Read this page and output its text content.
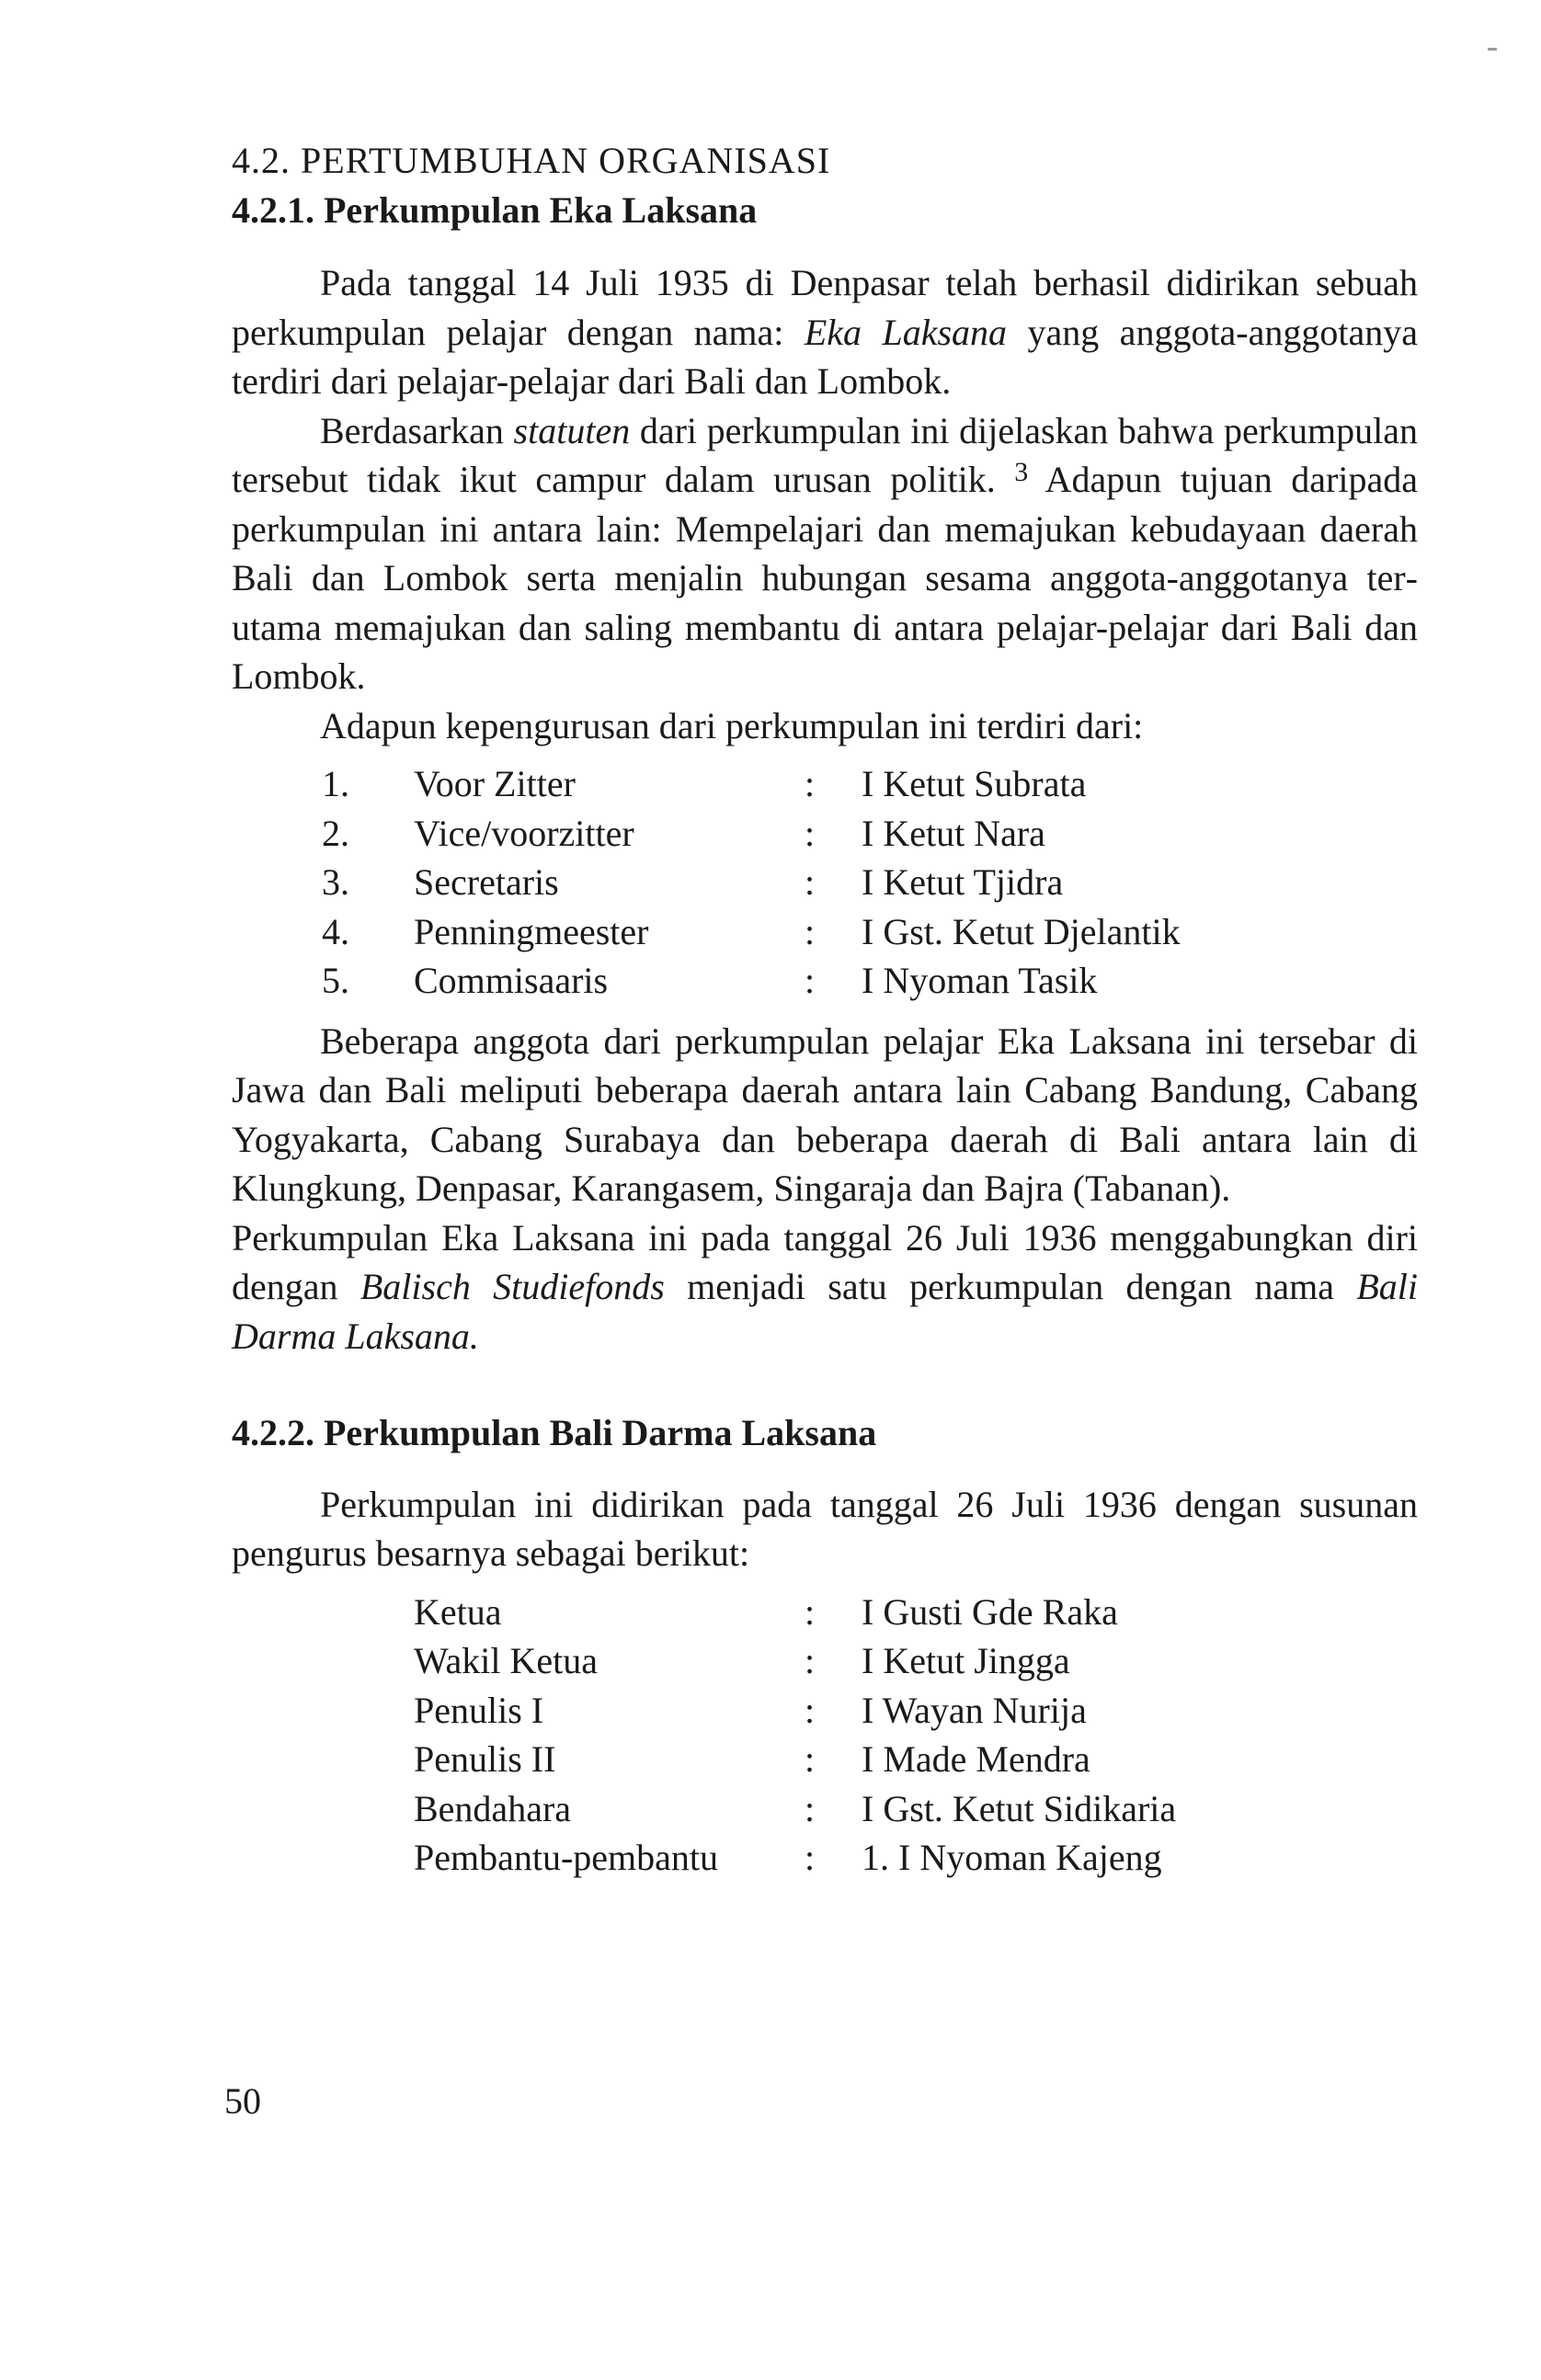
4.2. PERTUMBUHAN ORGANISASI
4.2.1. Perkumpulan Eka Laksana

Pada tanggal 14 Juli 1935 di Denpasar telah berhasil didirikan sebuah perkumpulan pelajar dengan nama: Eka Laksana yang anggota-anggotanya terdiri dari pelajar-pelajar dari Bali dan Lombok.

Berdasarkan statuten dari perkumpulan ini dijelaskan bahwa perkumpulan tersebut tidak ikut campur dalam urusan politik. $^3$ Adapun tujuan daripada perkumpulan ini antara lain: Mempelajari dan memajukan kebudayaan daerah Bali dan Lombok serta menjalin hubungan sesama anggota-anggotanya terutama memajukan dan saling membantu di antara pelajar-pelajar dari Bali dan Lombok.

Adapun kepengurusan dari perkumpulan ini terdiri dari:

1.	Voor Zitter	:	I Ketut Subrata
2.	Vice/voorzitter	:	I Ketut Nara
3.	Secretaris	:	I Ketut Tjidra
4.	Penningmeester	:	I Gst. Ketut Djelantik
5.	Commisaaris	:	I Nyoman Tasik

Beberapa anggota dari perkumpulan pelajar Eka Laksana ini tersebar di Jawa dan Bali meliputi beberapa daerah antara lain Cabang Bandung, Cabang Yogyakarta, Cabang Surabaya dan beberapa daerah di Bali antara lain di Klungkung, Denpasar, Karangasem, Singaraja dan Bajra (Tabanan).

Perkumpulan Eka Laksana ini pada tanggal 26 Juli 1936 menggabungkan diri dengan Balisch Studiefonds menjadi satu perkumpulan dengan nama Bali Darma Laksana.

4.2.2. Perkumpulan Bali Darma Laksana

Perkumpulan ini didirikan pada tanggal 26 Juli 1936 dengan susunan pengurus besarnya sebagai berikut:

Ketua	:	I Gusti Gde Raka
Wakil Ketua	:	I Ketut Jingga
Penulis I	:	I Wayan Nurija
Penulis II	:	I Made Mendra
Bendahara	:	I Gst. Ketut Sidikaria
Pembantu-pembantu	:	1. I Nyoman Kajeng
50
